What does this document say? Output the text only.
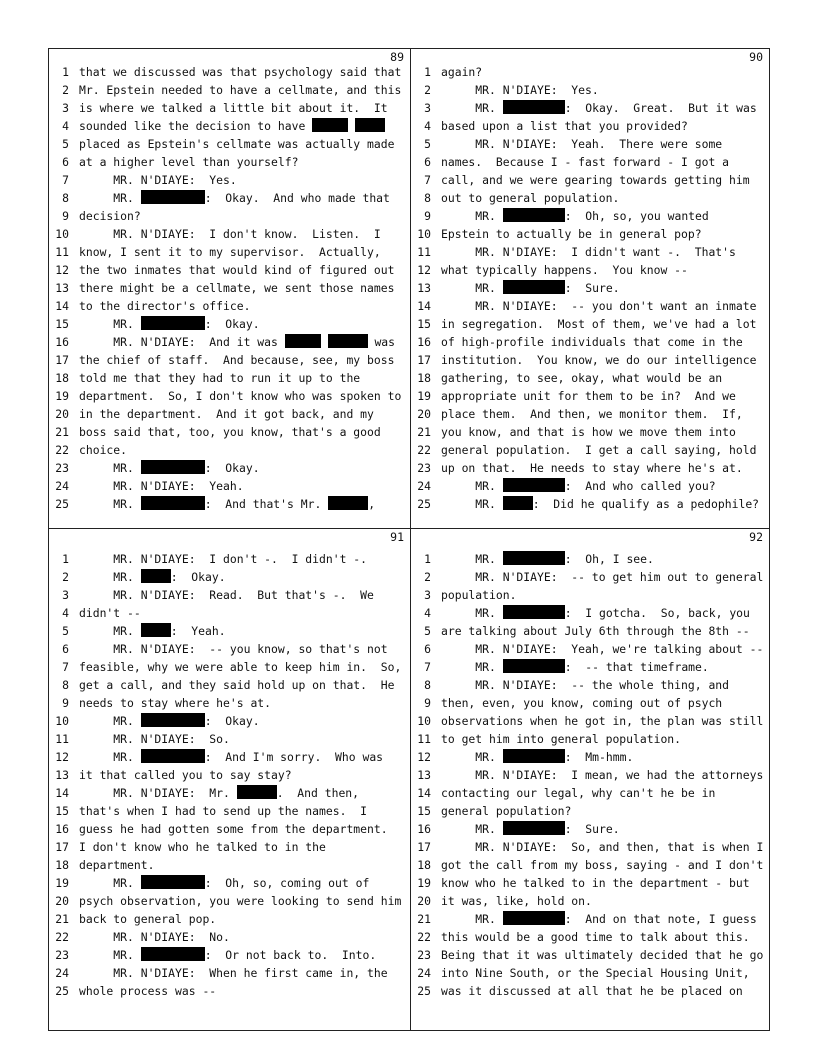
89
1 that we discussed was that psychology said that
2 Mr. Epstein needed to have a cellmate, and this
3 is where we talked a little bit about it.  It
4 sounded like the decision to have
5 placed as Epstein's cellmate was actually made
6 at a higher level than yourself?
7 MR. N'DIAYE:  Yes.
8 MR.	:  Okay.  And who made that
9 decision?
10 MR. N'DIAYE:  I don't know.  Listen.  I
11 know, I sent it to my supervisor.  Actually,
12 the two inmates that would kind of figured out
13 there might be a cellmate, we sent those names
14 to the director's office.
15 MR.	:  Okay.
16 MR. N'DIAYE:  And it was	was
17 the chief of staff.  And because, see, my boss
18 told me that they had to run it up to the
19 department.  So, I don't know who was spoken to
20 in the department.  And it got back, and my
21 boss said that, too, you know, that's a good
22 choice.
23 MR.	:  Okay.
24 MR. N'DIAYE:  Yeah.
25 MR.	:  And that's Mr.	,
90
1 again?
2 MR. N'DIAYE:  Yes.
3 MR.	:  Okay.  Great.  But it was
4 based upon a list that you provided?
5 MR. N'DIAYE:  Yeah.  There were some
6 names.  Because I - fast forward - I got a
7 call, and we were gearing towards getting him
8 out to general population.
9 MR.	:  Oh, so, you wanted
10 Epstein to actually be in general pop?
11 MR. N'DIAYE:  I didn't want -.  That's
12 what typically happens.  You know --
13 MR.	:  Sure.
14 MR. N'DIAYE:  -- you don't want an inmate
15 in segregation.  Most of them, we've had a lot
16 of high-profile individuals that come in the
17 institution.  You know, we do our intelligence
18 gathering, to see, okay, what would be an
19 appropriate unit for them to be in?  And we
20 place them.  And then, we monitor them.  If,
21 you know, and that is how we move them into
22 general population.  I get a call saying, hold
23 up on that.  He needs to stay where he's at.
24 MR.	:  And who called you?
25 MR.	:  Did he qualify as a pedophile?
91
1 MR. N'DIAYE:  I don't -.  I didn't -.
2 MR.	:  Okay.
3 MR. N'DIAYE:  Read.  But that's -.  We
4 didn't --
5 MR.	:  Yeah.
6 MR. N'DIAYE:  -- you know, so that's not
7 feasible, why we were able to keep him in.  So,
8 get a call, and they said hold up on that.  He
9 needs to stay where he's at.
10 MR.	:  Okay.
11 MR. N'DIAYE:  So.
12 MR.	:  And I'm sorry.  Who was
13 it that called you to say stay?
14 MR. N'DIAYE:  Mr.	.  And then,
15 that's when I had to send up the names.  I
16 guess he had gotten some from the department.
17 I don't know who he talked to in the
18 department.
19 MR.	:  Oh, so, coming out of
20 psych observation, you were looking to send him
21 back to general pop.
22 MR. N'DIAYE:  No.
23 MR.	:  Or not back to.  Into.
24 MR. N'DIAYE:  When he first came in, the
25 whole process was --
92
1 MR.	:  Oh, I see.
2 MR. N'DIAYE:  -- to get him out to general
3 population.
4 MR.	:  I gotcha.  So, back, you
5 are talking about July 6th through the 8th --
6 MR. N'DIAYE:  Yeah, we're talking about --
7 MR.	:  -- that timeframe.
8 MR. N'DIAYE:  -- the whole thing, and
9 then, even, you know, coming out of psych
10 observations when he got in, the plan was still
11 to get him into general population.
12 MR.	:  Mm-hmm.
13 MR. N'DIAYE:  I mean, we had the attorneys
14 contacting our legal, why can't he be in
15 general population?
16 MR.	:  Sure.
17 MR. N'DIAYE:  So, and then, that is when I
18 got the call from my boss, saying - and I don't
19 know who he talked to in the department - but
20 it was, like, hold on.
21 MR.	:  And on that note, I guess
22 this would be a good time to talk about this.
23 Being that it was ultimately decided that he go
24 into Nine South, or the Special Housing Unit,
25 was it discussed at all that he be placed on
